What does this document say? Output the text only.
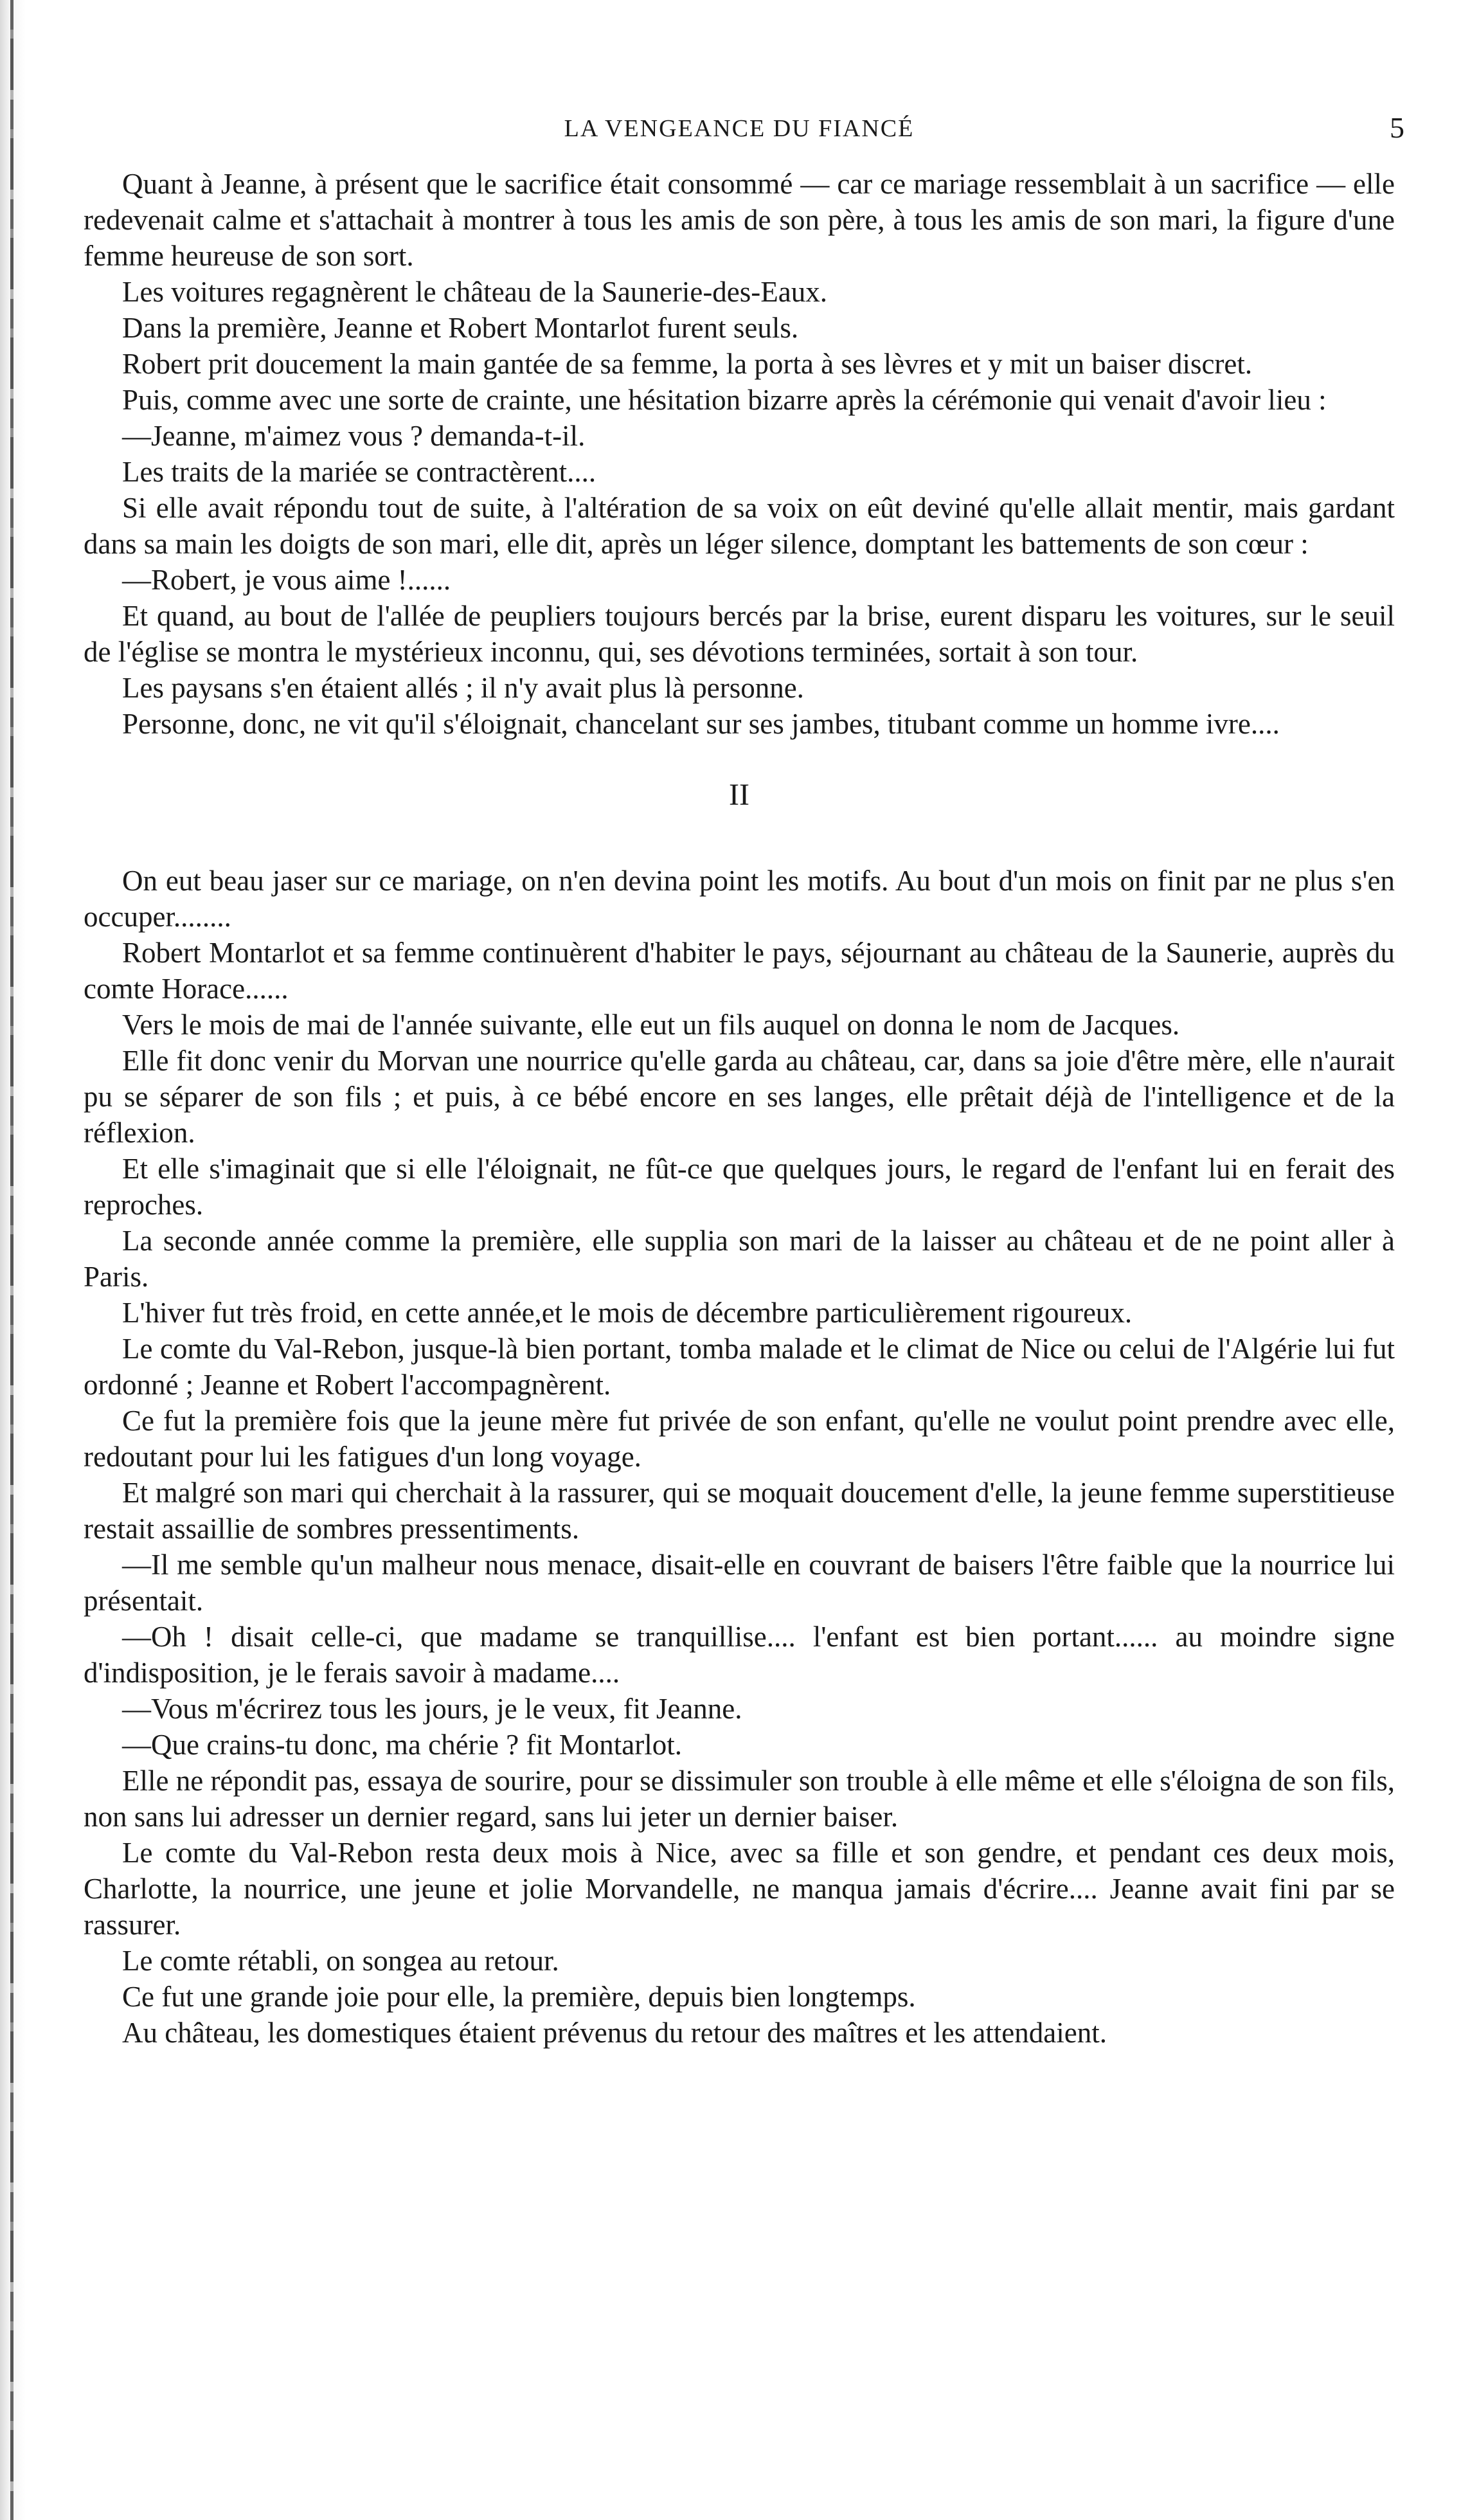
LA VENGEANCE DU FIANCÉ	5

Quant à Jeanne, à présent que le sacrifice était consommé — car ce mariage ressemblait à un sacrifice — elle redevenait calme et s'attachait à montrer à tous les amis de son père, à tous les amis de son mari, la figure d'une femme heureuse de son sort.

Les voitures regagnèrent le château de la Saunerie-des-Eaux.

Dans la première, Jeanne et Robert Montarlot furent seuls.

Robert prit doucement la main gantée de sa femme, la porta à ses lèvres et y mit un baiser discret.

Puis, comme avec une sorte de crainte, une hésitation bizarre après la cérémonie qui venait d'avoir lieu :

—Jeanne, m'aimez vous ? demanda-t-il.

Les traits de la mariée se contractèrent....

Si elle avait répondu tout de suite, à l'altération de sa voix on eût deviné qu'elle allait mentir, mais gardant dans sa main les doigts de son mari, elle dit, après un léger silence, domptant les battements de son cœur :

—Robert, je vous aime !......

Et quand, au bout de l'allée de peupliers toujours bercés par la brise, eurent disparu les voitures, sur le seuil de l'église se montra le mystérieux inconnu, qui, ses dévotions terminées, sortait à son tour.

Les paysans s'en étaient allés ; il n'y avait plus là personne.

Personne, donc, ne vit qu'il s'éloignait, chancelant sur ses jambes, titubant comme un homme ivre....

II

On eut beau jaser sur ce mariage, on n'en devina point les motifs. Au bout d'un mois on finit par ne plus s'en occuper........

Robert Montarlot et sa femme continuèrent d'habiter le pays, séjournant au château de la Saunerie, auprès du comte Horace......

Vers le mois de mai de l'année suivante, elle eut un fils auquel on donna le nom de Jacques.

Elle fit donc venir du Morvan une nourrice qu'elle garda au château, car, dans sa joie d'être mère, elle n'aurait pu se séparer de son fils ; et puis, à ce bébé encore en ses langes, elle prêtait déjà de l'intelligence et de la réflexion.

Et elle s'imaginait que si elle l'éloignait, ne fût-ce que quelques jours, le regard de l'enfant lui en ferait des reproches.

La seconde année comme la première, elle supplia son mari de la laisser au château et de ne point aller à Paris.

L'hiver fut très froid, en cette année,et le mois de décembre particulièrement rigoureux.

Le comte du Val-Rebon, jusque-là bien portant, tomba malade et le climat de Nice ou celui de l'Algérie lui fut ordonné ; Jeanne et Robert l'accompagnèrent.

Ce fut la première fois que la jeune mère fut privée de son enfant, qu'elle ne voulut point prendre avec elle, redoutant pour lui les fatigues d'un long voyage.

Et malgré son mari qui cherchait à la rassurer, qui se moquait doucement d'elle, la jeune femme superstitieuse restait assaillie de sombres pressentiments.

—Il me semble qu'un malheur nous menace, disait-elle en couvrant de baisers l'être faible que la nourrice lui présentait.

—Oh ! disait celle-ci, que madame se tranquillise.... l'enfant est bien portant...... au moindre signe d'indisposition, je le ferais savoir à madame....

—Vous m'écrirez tous les jours, je le veux, fit Jeanne.

—Que crains-tu donc, ma chérie ? fit Montarlot.

Elle ne répondit pas, essaya de sourire, pour se dissimuler son trouble à elle même et elle s'éloigna de son fils, non sans lui adresser un dernier regard, sans lui jeter un dernier baiser.

Le comte du Val-Rebon resta deux mois à Nice, avec sa fille et son gendre, et pendant ces deux mois, Charlotte, la nourrice, une jeune et jolie Morvandelle, ne manqua jamais d'écrire.... Jeanne avait fini par se rassurer.

Le comte rétabli, on songea au retour.

Ce fut une grande joie pour elle, la première, depuis bien longtemps.

Au château, les domestiques étaient prévenus du retour des maîtres et les attendaient.
